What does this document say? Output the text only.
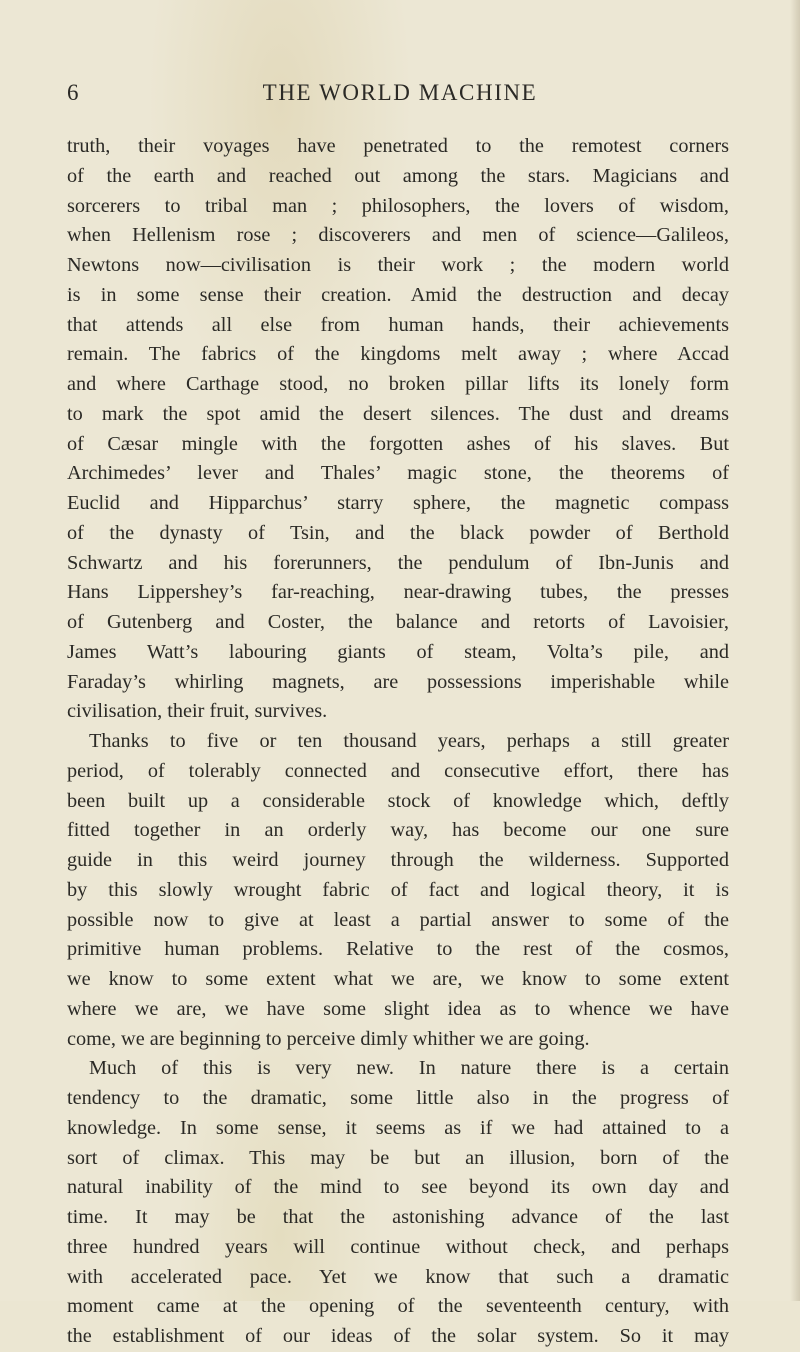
6	THE WORLD MACHINE
truth, their voyages have penetrated to the remotest corners
of the earth and reached out among the stars. Magicians and
sorcerers to tribal man ; philosophers, the lovers of wisdom,
when Hellenism rose ; discoverers and men of science—Galileos,
Newtons now—civilisation is their work ; the modern world
is in some sense their creation. Amid the destruction and decay
that attends all else from human hands, their achievements
remain. The fabrics of the kingdoms melt away ; where Accad
and where Carthage stood, no broken pillar lifts its lonely form
to mark the spot amid the desert silences. The dust and dreams
of Cæsar mingle with the forgotten ashes of his slaves. But
Archimedes’ lever and Thales’ magic stone, the theorems of
Euclid and Hipparchus’ starry sphere, the magnetic compass
of the dynasty of Tsin, and the black powder of Berthold
Schwartz and his forerunners, the pendulum of Ibn-Junis and
Hans Lippershey’s far-reaching, near-drawing tubes, the presses
of Gutenberg and Coster, the balance and retorts of Lavoisier,
James Watt’s labouring giants of steam, Volta’s pile, and
Faraday’s whirling magnets, are possessions imperishable while
civilisation, their fruit, survives.
Thanks to five or ten thousand years, perhaps a still greater
period, of tolerably connected and consecutive effort, there has
been built up a considerable stock of knowledge which, deftly
fitted together in an orderly way, has become our one sure
guide in this weird journey through the wilderness. Supported
by this slowly wrought fabric of fact and logical theory, it is
possible now to give at least a partial answer to some of the
primitive human problems. Relative to the rest of the cosmos,
we know to some extent what we are, we know to some extent
where we are, we have some slight idea as to whence we have
come, we are beginning to perceive dimly whither we are going.
Much of this is very new. In nature there is a certain
tendency to the dramatic, some little also in the progress of
knowledge. In some sense, it seems as if we had attained to a
sort of climax. This may be but an illusion, born of the
natural inability of the mind to see beyond its own day and
time. It may be that the astonishing advance of the last
three hundred years will continue without check, and perhaps
with accelerated pace. Yet we know that such a dramatic
moment came at the opening of the seventeenth century, with
the establishment of our ideas of the solar system. So it may
